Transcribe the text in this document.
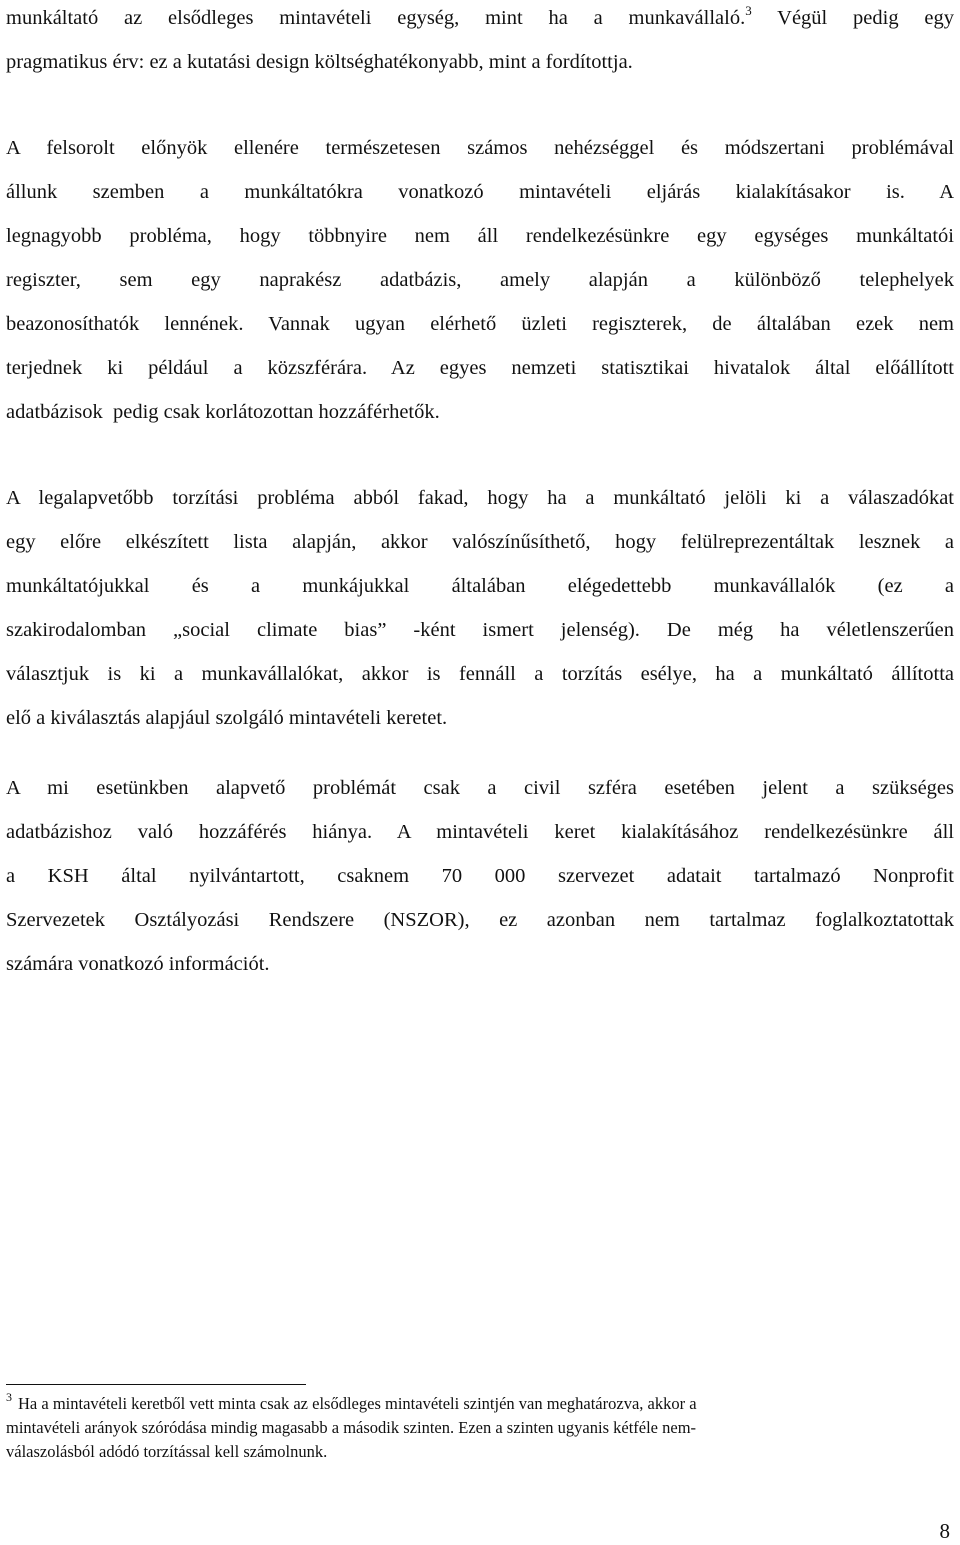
munkáltató az elsődleges mintavételi egység, mint ha a munkavállaló.$^3$ Végül pedig egy
pragmatikus érv: ez a kutatási design költséghatékonyabb, mint a fordítottja.
A felsorolt előnyök ellenére természetesen számos nehézséggel és módszertani problémával
állunk szemben a munkáltatókra vonatkozó mintavételi eljárás kialakításakor is. A
legnagyobb probléma, hogy többnyire nem áll rendelkezésünkre egy egységes munkáltatói
regiszter, sem egy naprakész adatbázis, amely alapján a különböző telephelyek
beazonosíthatók lennének. Vannak ugyan elérhető üzleti regiszterek, de általában ezek nem
terjednek ki például a közszférára. Az egyes nemzeti statisztikai hivatalok által előállított
adatbázisok  pedig csak korlátozottan hozzáférhetők.
A legalapvetőbb torzítási probléma abból fakad, hogy ha a munkáltató jelöli ki a válaszadókat
egy előre elkészített lista alapján, akkor valószínűsíthető, hogy felülreprezentáltak lesznek a
munkáltatójukkal és a munkájukkal általában elégedettebb munkavállalók (ez a
szakirodalomban „social climate bias” -ként ismert jelenség). De még ha véletlenszerűen
választjuk is ki a munkavállalókat, akkor is fennáll a torzítás esélye, ha a munkáltató állította
elő a kiválasztás alapjául szolgáló mintavételi keretet.
A mi esetünkben alapvető problémát csak a civil szféra esetében jelent a szükséges
adatbázishoz való hozzáférés hiánya. A mintavételi keret kialakításához rendelkezésünkre áll
a KSH által nyilvántartott, csaknem 70 000 szervezet adatait tartalmazó Nonprofit
Szervezetek Osztályozási Rendszere (NSZOR), ez azonban nem tartalmaz foglalkoztatottak
számára vonatkozó információt.
$^3$ Ha a mintavételi keretből vett minta csak az elsődleges mintavételi szintjén van meghatározva, akkor a
mintavételi arányok szóródása mindig magasabb a második szinten. Ezen a szinten ugyanis kétféle nem-
válaszolásból adódó torzítással kell számolnunk.
8
